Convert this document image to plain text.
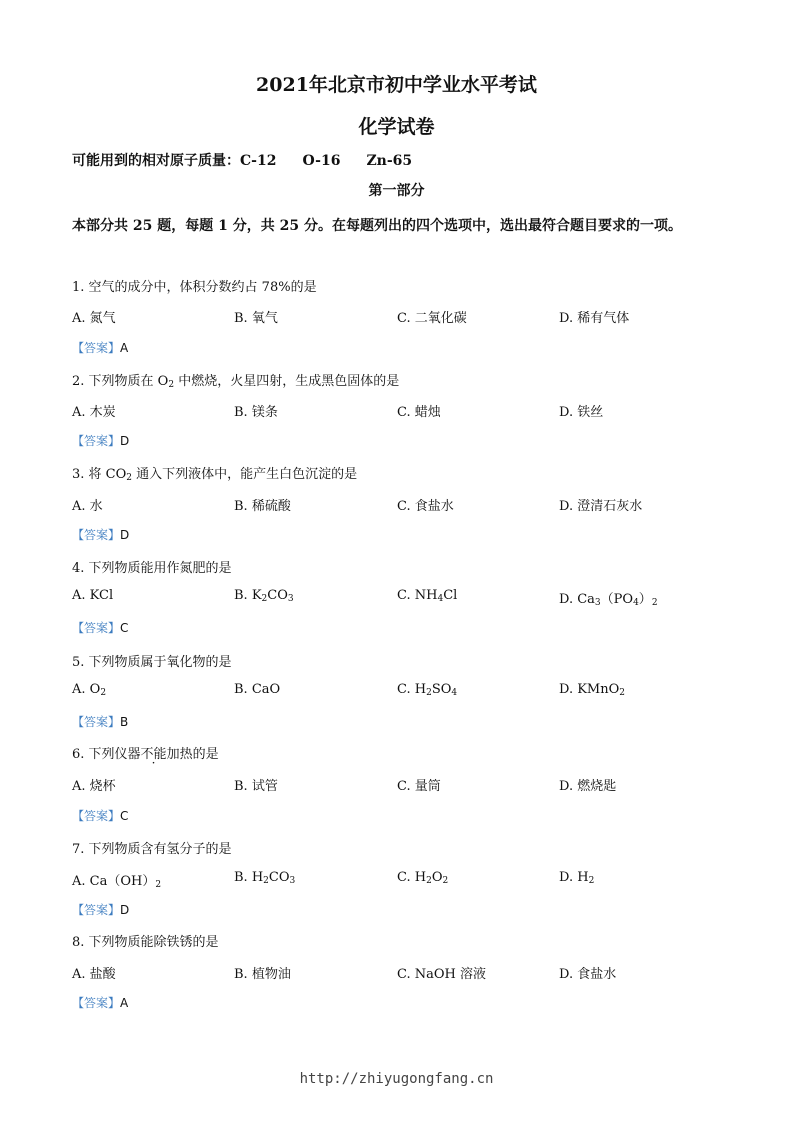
2021年北京市初中学业水平考试
化学试卷
可能用到的相对原子质量：C-12 O-16 Zn-65
第一部分
本部分共 25 题，每题 1 分，共 25 分。在每题列出的四个选项中，选出最符合题目要求的一项。
1. 空气的成分中，体积分数约占 78%的是
A. 氮气	B. 氧气	C. 二氧化碳	D. 稀有气体
【答案】A
2. 下列物质在 $O_2$ 中燃烧，火星四射，生成黑色固体的是
A. 木炭	B. 镁条	C. 蜡烛	D. 铁丝
【答案】D
3. 将 $CO_2$ 通入下列液体中，能产生白色沉淀的是
A. 水	B. 稀硫酸	C. 食盐水	D. 澄清石灰水
【答案】D
4. 下列物质能用作氮肥的是
A. KCl	B. $K_2CO_3$	C. $NH_4Cl$	D. $Ca_3(PO_4)_2$
【答案】C
5. 下列物质属于氧化物的是
A. $O_2$	B. CaO	C. $H_2SO_4$	D. KMnO$_2$
【答案】B
6. 下列仪器不能加热的是
A. 烧杯	B. 试管	C. 量筒	D. 燃烧匙
【答案】C
7. 下列物质含有氢分子的是
A. $Ca(OH)_2$	B. $H_2CO_3$	C. $H_2O_2$	D. $H_2$
【答案】D
8. 下列物质能除铁锈的是
A. 盐酸	B. 植物油	C. NaOH 溶液	D. 食盐水
【答案】A
http://zhiyugongfang.cn
